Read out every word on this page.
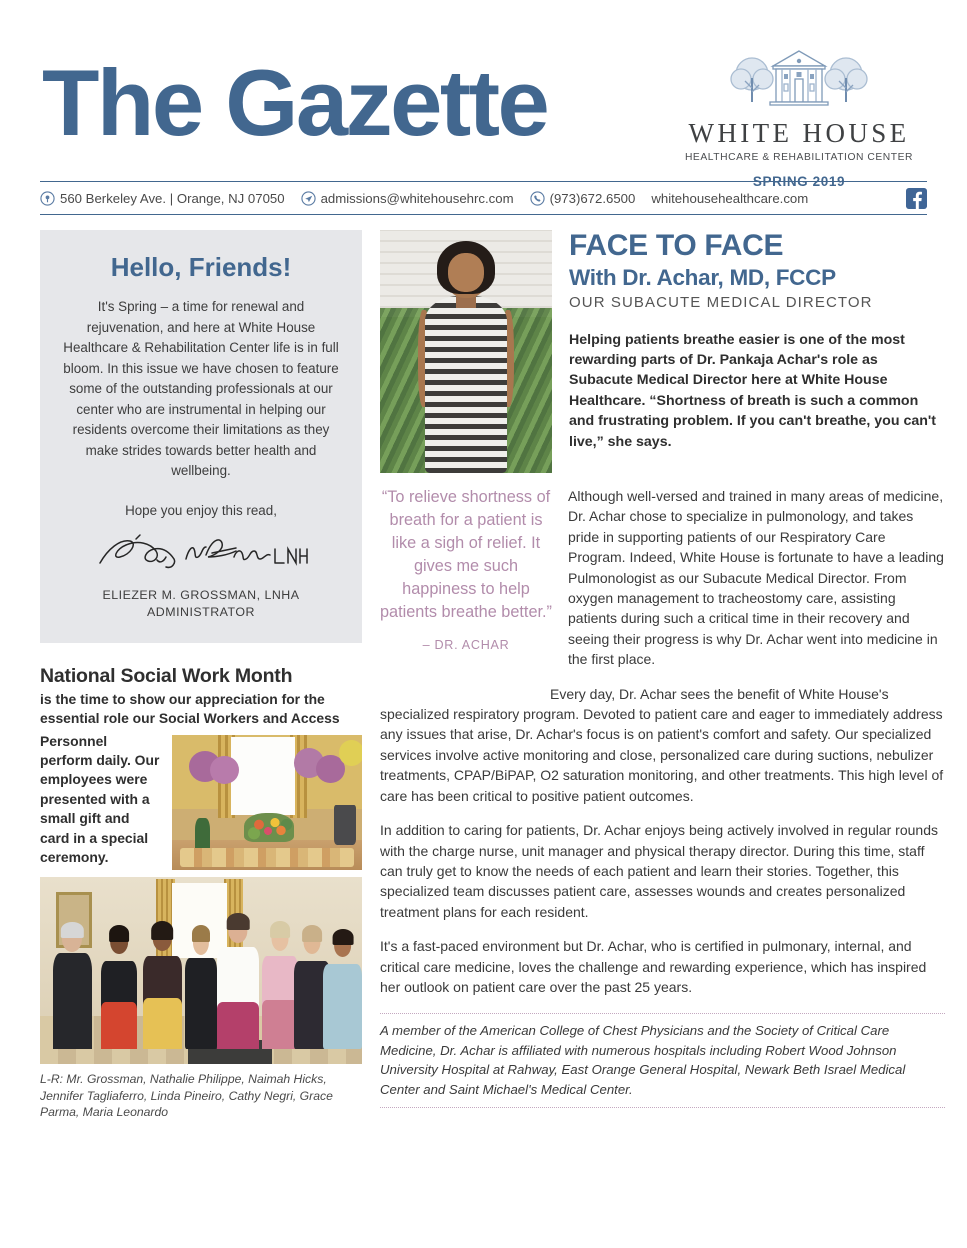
The Gazette	WHITE HOUSE
HEALTHCARE & REHABILITATION CENTER
SPRING 2019
560 Berkeley Ave. | Orange, NJ 07050	admissions@whitehousehrc.com	(973)672.6500 whitehousehealthcare.com
Hello, Friends!
It's Spring – a time for renewal and rejuvenation, and here at White House Healthcare & Rehabilitation Center life is in full bloom. In this issue we have chosen to feature some of the outstanding professionals at our center who are instrumental in helping our residents overcome their limitations as they make strides towards better health and wellbeing.
Hope you enjoy this read,
ELIEZER M. GROSSMAN, LNHA
ADMINISTRATOR
National Social Work Month
is the time to show our appreciation for the essential role our Social Workers and Access
Personnel perform daily. Our employees were presented with a small gift and card in a special ceremony.
L-R: Mr. Grossman, Nathalie Philippe, Naimah Hicks, Jennifer Tagliaferro, Linda Pineiro, Cathy Negri, Grace Parma, Maria Leonardo
FACE TO FACE
With Dr. Achar, MD, FCCP
OUR SUBACUTE MEDICAL DIRECTOR
Helping patients breathe easier is one of the most rewarding parts of Dr. Pankaja Achar's role as Subacute Medical Director here at White House Healthcare. “Shortness of breath is such a common and frustrating problem. If you can't breathe, you can't live,” she says.
“To relieve shortness of breath for a patient is like a sigh of relief. It gives me such happiness to help patients breathe better.”
– DR. ACHAR
Although well-versed and trained in many areas of medicine, Dr. Achar chose to specialize in pulmonology, and takes pride in supporting patients of our Respiratory Care Program. Indeed, White House is fortunate to have a leading Pulmonologist as our Subacute Medical Director. From oxygen management to tracheostomy care, assisting patients during such a critical time in their recovery and seeing their progress is why Dr. Achar went into medicine in the first place.
Every day, Dr. Achar sees the benefit of White House's specialized respiratory program. Devoted to patient care and eager to immediately address any issues that arise, Dr. Achar's focus is on patient's comfort and safety. Our specialized services involve active monitoring and close, personalized care during suctions, nebulizer treatments, CPAP/BiPAP, O2 saturation monitoring, and other treatments. This high level of care has been critical to positive patient outcomes.
In addition to caring for patients, Dr. Achar enjoys being actively involved in regular rounds with the charge nurse, unit manager and physical therapy director. During this time, staff can truly get to know the needs of each patient and learn their stories. Together, this specialized team discusses patient care, assesses wounds and creates personalized treatment plans for each resident.
It's a fast-paced environment but Dr. Achar, who is certified in pulmonary, internal, and critical care medicine, loves the challenge and rewarding experience, which has inspired her outlook on patient care over the past 25 years.
A member of the American College of Chest Physicians and the Society of Critical Care Medicine, Dr. Achar is affiliated with numerous hospitals including Robert Wood Johnson University Hospital at Rahway, East Orange General Hospital, Newark Beth Israel Medical Center and Saint Michael's Medical Center.
